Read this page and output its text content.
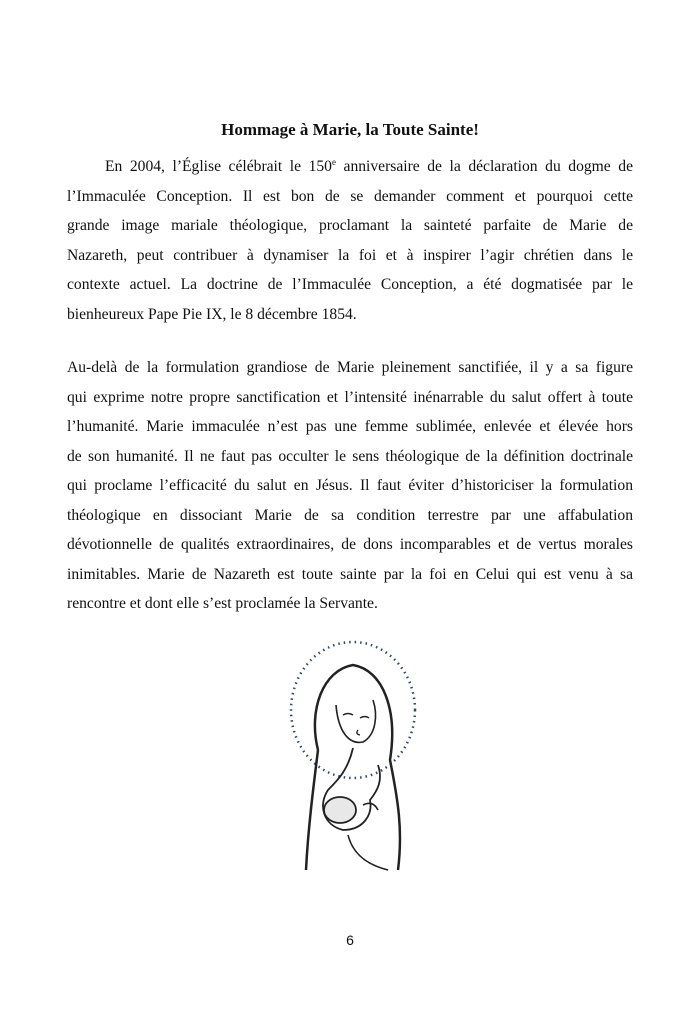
Hommage à Marie, la Toute Sainte!
En 2004, l’Église célébrait le 150e anniversaire de la déclaration du dogme de
l’Immaculée Conception. Il est bon de se demander comment et pourquoi cette
grande image mariale théologique, proclamant la sainteté parfaite de Marie de
Nazareth, peut contribuer à dynamiser la foi et à inspirer l’agir chrétien dans le
contexte actuel. La doctrine de l’Immaculée Conception, a été dogmatisée par le
bienheureux Pape Pie IX, le 8 décembre 1854.
Au-delà de la formulation grandiose de Marie pleinement sanctifiée, il y a sa figure
qui exprime notre propre sanctification et l’intensité inénarrable du salut offert à toute
l’humanité. Marie immaculée n’est pas une femme sublimée, enlevée et élevée hors
de son humanité. Il ne faut pas occulter le sens théologique de la définition doctrinale
qui proclame l’efficacité du salut en Jésus. Il faut éviter d’historiciser la formulation
théologique en dissociant Marie de sa condition terrestre par une affabulation
dévotionnelle de qualités extraordinaires, de dons incomparables et de vertus morales
inimitables. Marie de Nazareth est toute sainte par la foi en Celui qui est venu à sa
rencontre et dont elle s’est proclamée la Servante.
6
